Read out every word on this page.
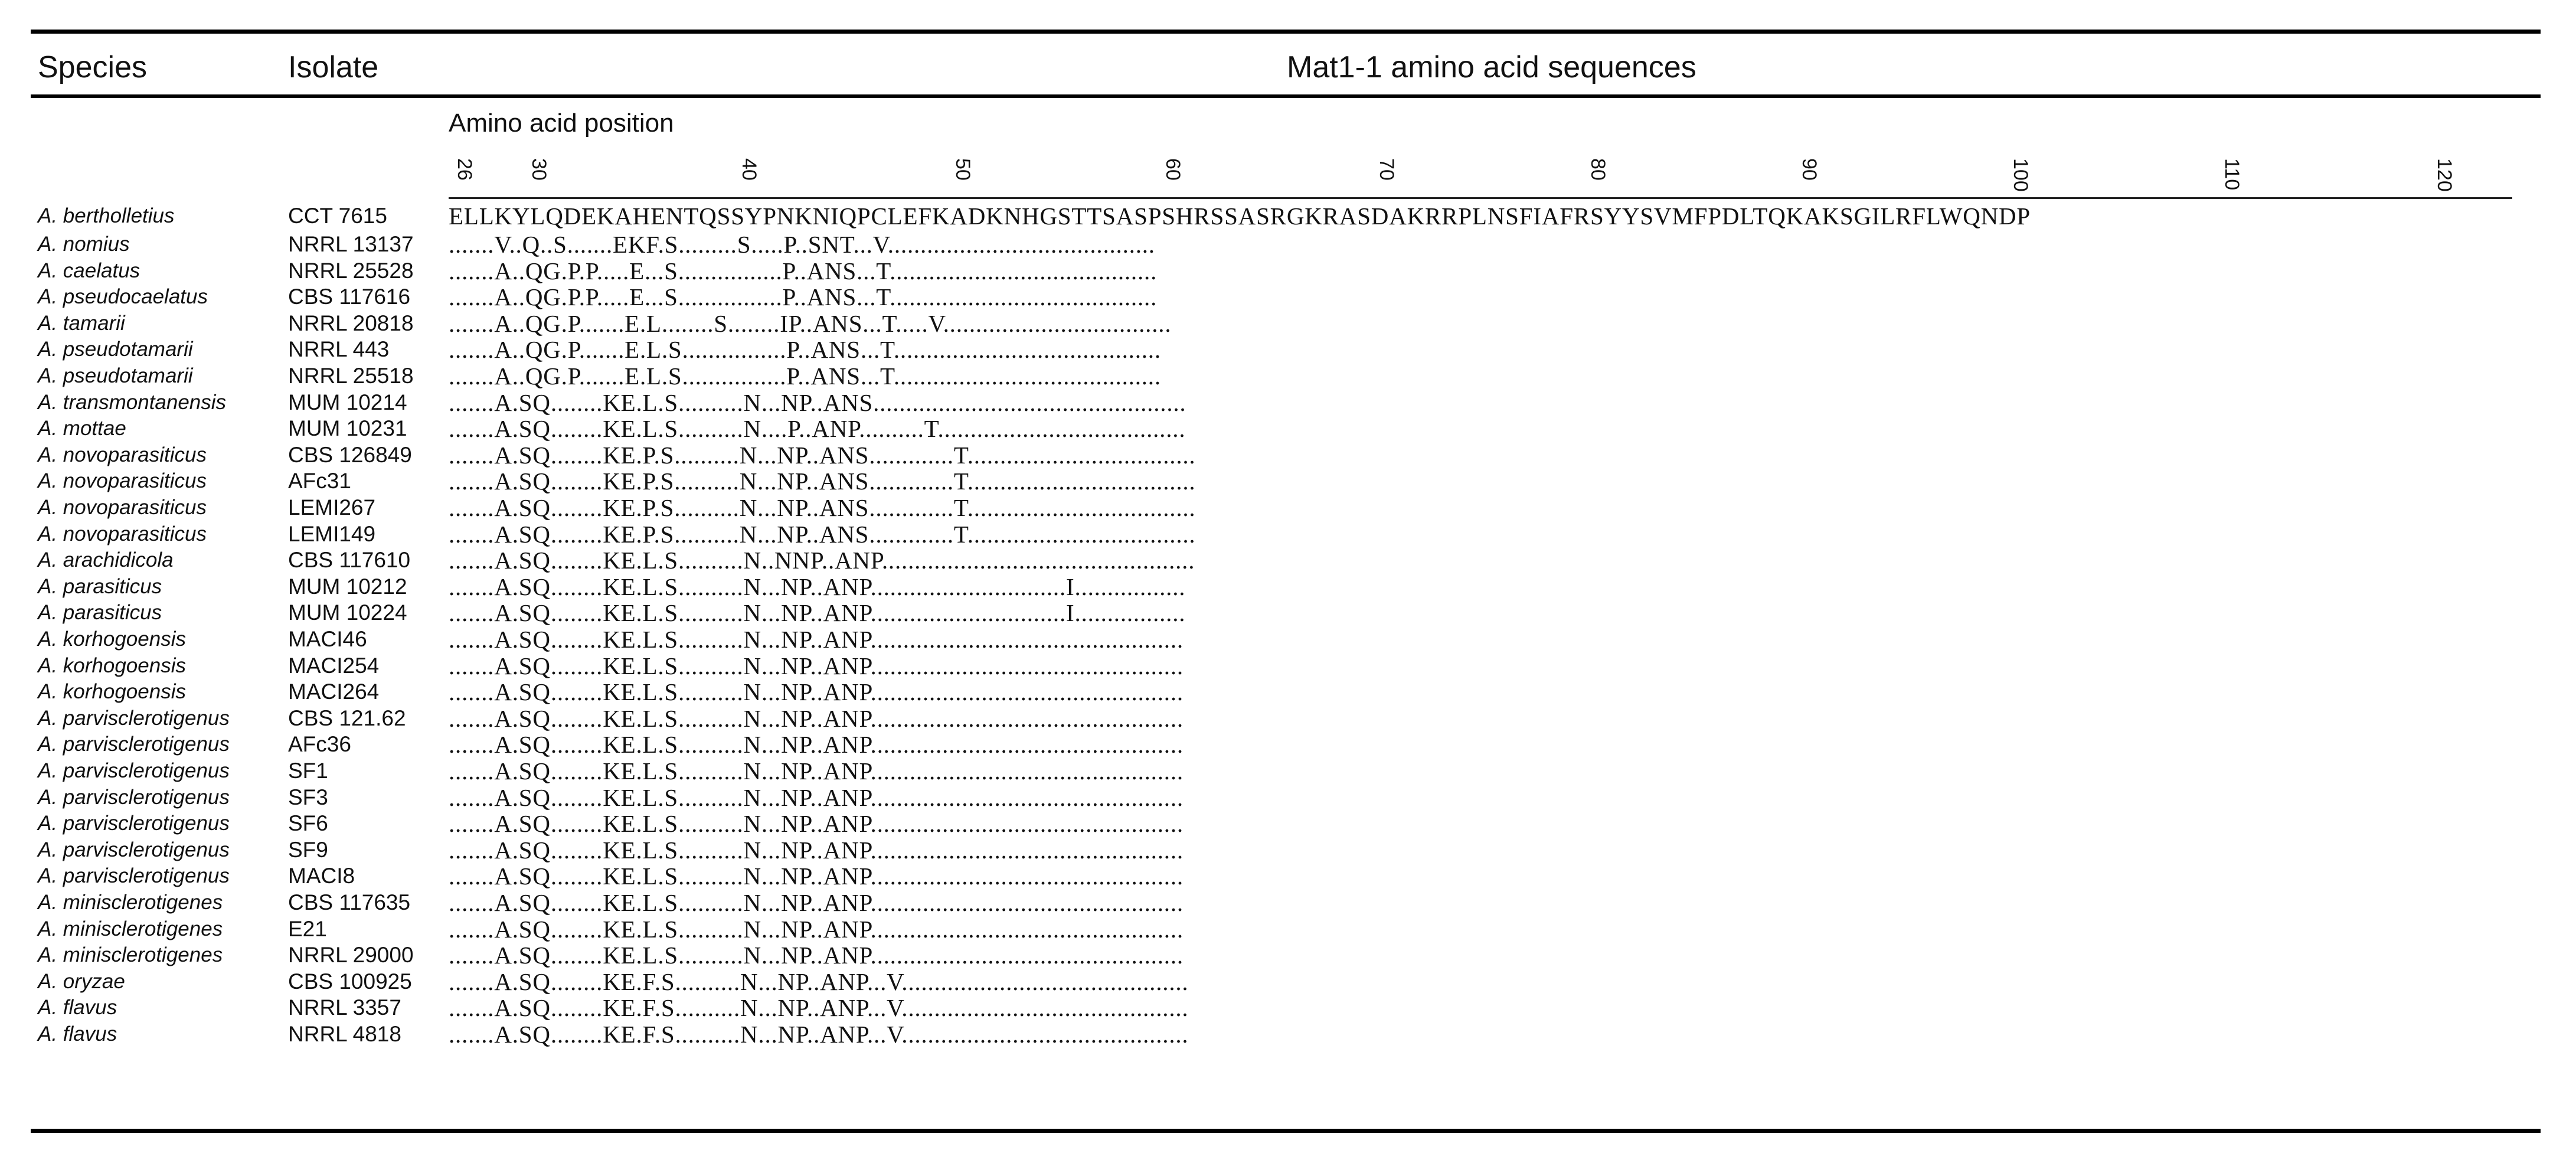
Species	Isolate	Mat1-1 amino acid sequences
Amino acid position
26	30	40	50	60	70	80	90	100	110	120
A. bertholletius	CCT 7615	ELLKYLQDEKAHENTQSSYPNKNIQPCLEFKADKNHGSTTSASPSHRSSASRGKRASDAKRRPLNSFIAFRSYYSVMFPDLTQKAKSGILRFLWQNDP
A. nomius	NRRL 13137 .......V..Q..S.......EKF.S.........S.....P..SNT...V.........................................
A. caelatus	NRRL 25528 .......A..QG.P.P.....E...S................P..ANS...T.........................................
A. pseudocaelatus	CBS 117616 .......A..QG.P.P.....E...S................P..ANS...T.........................................
A. tamarii	NRRL 20818 .......A..QG.P.......E.L........S........IP..ANS...T.....V...................................
A. pseudotamarii	NRRL 443 .......A..QG.P.......E.L.S................P..ANS...T.........................................
A. pseudotamarii	NRRL 25518 .......A..QG.P.......E.L.S................P..ANS...T.........................................
A. transmontanensis	MUM 10214 .......A.SQ........KE.L.S..........N...NP..ANS................................................
A. mottae	MUM 10231 .......A.SQ........KE.L.S..........N....P..ANP..........T......................................
A. novoparasiticus	CBS 126849 .......A.SQ........KE.P.S..........N...NP..ANS.............T...................................
A. novoparasiticus	AFc31	.......A.SQ........KE.P.S..........N...NP..ANS.............T...................................
A. novoparasiticus	LEMI267	.......A.SQ........KE.P.S..........N...NP..ANS.............T...................................
A. novoparasiticus	LEMI149	.......A.SQ........KE.P.S..........N...NP..ANS.............T...................................
A. arachidicola	CBS 117610 .......A.SQ........KE.L.S..........N..NNP..ANP................................................
A. parasiticus	MUM 10212 .......A.SQ........KE.L.S..........N...NP..ANP..............................I.................
A. parasiticus	MUM 10224 .......A.SQ........KE.L.S..........N...NP..ANP..............................I.................
A. korhogoensis	MACI46	.......A.SQ........KE.L.S..........N...NP..ANP................................................
A. korhogoensis	MACI254	.......A.SQ........KE.L.S..........N...NP..ANP................................................
A. korhogoensis	MACI264	.......A.SQ........KE.L.S..........N...NP..ANP................................................
A. parvisclerotigenus	CBS 121.62 .......A.SQ........KE.L.S..........N...NP..ANP................................................
A. parvisclerotigenus	AFc36	.......A.SQ........KE.L.S..........N...NP..ANP................................................
A. parvisclerotigenus	SF1	.......A.SQ........KE.L.S..........N...NP..ANP................................................
A. parvisclerotigenus	SF3	.......A.SQ........KE.L.S..........N...NP..ANP................................................
A. parvisclerotigenus	SF6	.......A.SQ........KE.L.S..........N...NP..ANP................................................
A. parvisclerotigenus	SF9	.......A.SQ........KE.L.S..........N...NP..ANP................................................
A. parvisclerotigenus	MACI8	.......A.SQ........KE.L.S..........N...NP..ANP................................................
A. minisclerotigenes	CBS 117635 .......A.SQ........KE.L.S..........N...NP..ANP................................................
A. minisclerotigenes	E21	.......A.SQ........KE.L.S..........N...NP..ANP................................................
A. minisclerotigenes	NRRL 29000 .......A.SQ........KE.L.S..........N...NP..ANP................................................
A. oryzae	CBS 100925 .......A.SQ........KE.F.S..........N...NP..ANP...V............................................
A. flavus	NRRL 3357 .......A.SQ........KE.F.S..........N...NP..ANP...V............................................
A. flavus	NRRL 4818 .......A.SQ........KE.F.S..........N...NP..ANP...V............................................
